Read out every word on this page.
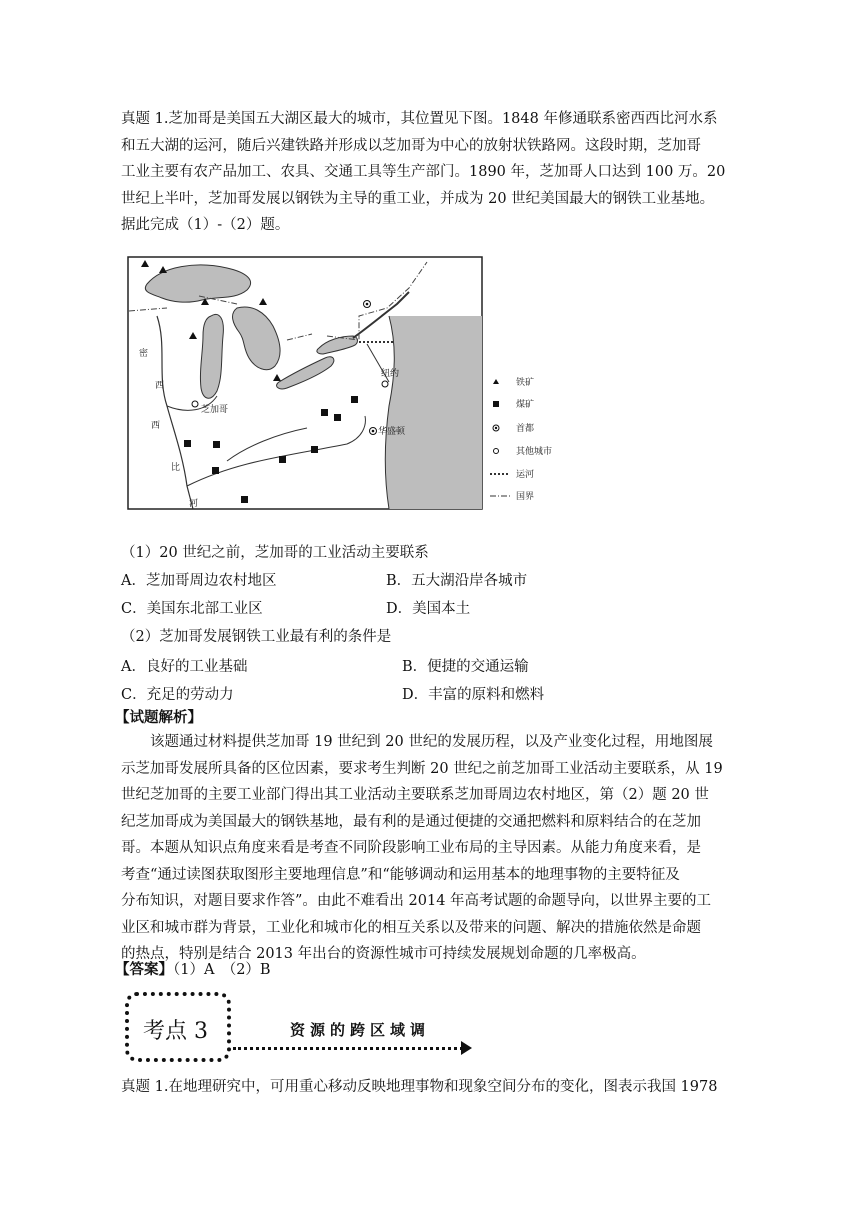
真题 1.芝加哥是美国五大湖区最大的城市，其位置见下图。1848 年修通联系密西西比河水系
和五大湖的运河，随后兴建铁路并形成以芝加哥为中心的放射状铁路网。这段时期，芝加哥
工业主要有农产品加工、农具、交通工具等生产部门。1890 年，芝加哥人口达到 100 万。20
世纪上半叶，芝加哥发展以钢铁为主导的重工业，并成为 20 世纪美国最大的钢铁工业基地。
据此完成（1）-（2）题。
密
西
西
比
河
芝加哥
纽约
华盛顿
铁矿
煤矿
首都
其他城市
运河
国界
（1）20 世纪之前，芝加哥的工业活动主要联系
A．芝加哥周边农村地区	B．五大湖沿岸各城市
C．美国东北部工业区	D．美国本土
（2）芝加哥发展钢铁工业最有利的条件是
A．良好的工业基础	B．便捷的交通运输
C．充足的劳动力	D．丰富的原料和燃料
【试题解析】
　　该题通过材料提供芝加哥 19 世纪到 20 世纪的发展历程，以及产业变化过程，用地图展
示芝加哥发展所具备的区位因素，要求考生判断 20 世纪之前芝加哥工业活动主要联系，从 19
世纪芝加哥的主要工业部门得出其工业活动主要联系芝加哥周边农村地区，第（2）题 20 世
纪芝加哥成为美国最大的钢铁基地，最有利的是通过便捷的交通把燃料和原料结合的在芝加
哥。本题从知识点角度来看是考查不同阶段影响工业布局的主导因素。从能力角度来看，是
考查“通过读图获取图形主要地理信息”和“能够调动和运用基本的地理事物的主要特征及
分布知识，对题目要求作答”。由此不难看出 2014 年高考试题的命题导向，以世界主要的工
业区和城市群为背景，工业化和城市化的相互关系以及带来的问题、解决的措施依然是命题
的热点，特别是结合 2013 年出台的资源性城市可持续发展规划命题的几率极高。
【答案】（1）A　（2）B
考点 3	资源的跨区域调
真题 1.在地理研究中，可用重心移动反映地理事物和现象空间分布的变化，图表示我国 1978
